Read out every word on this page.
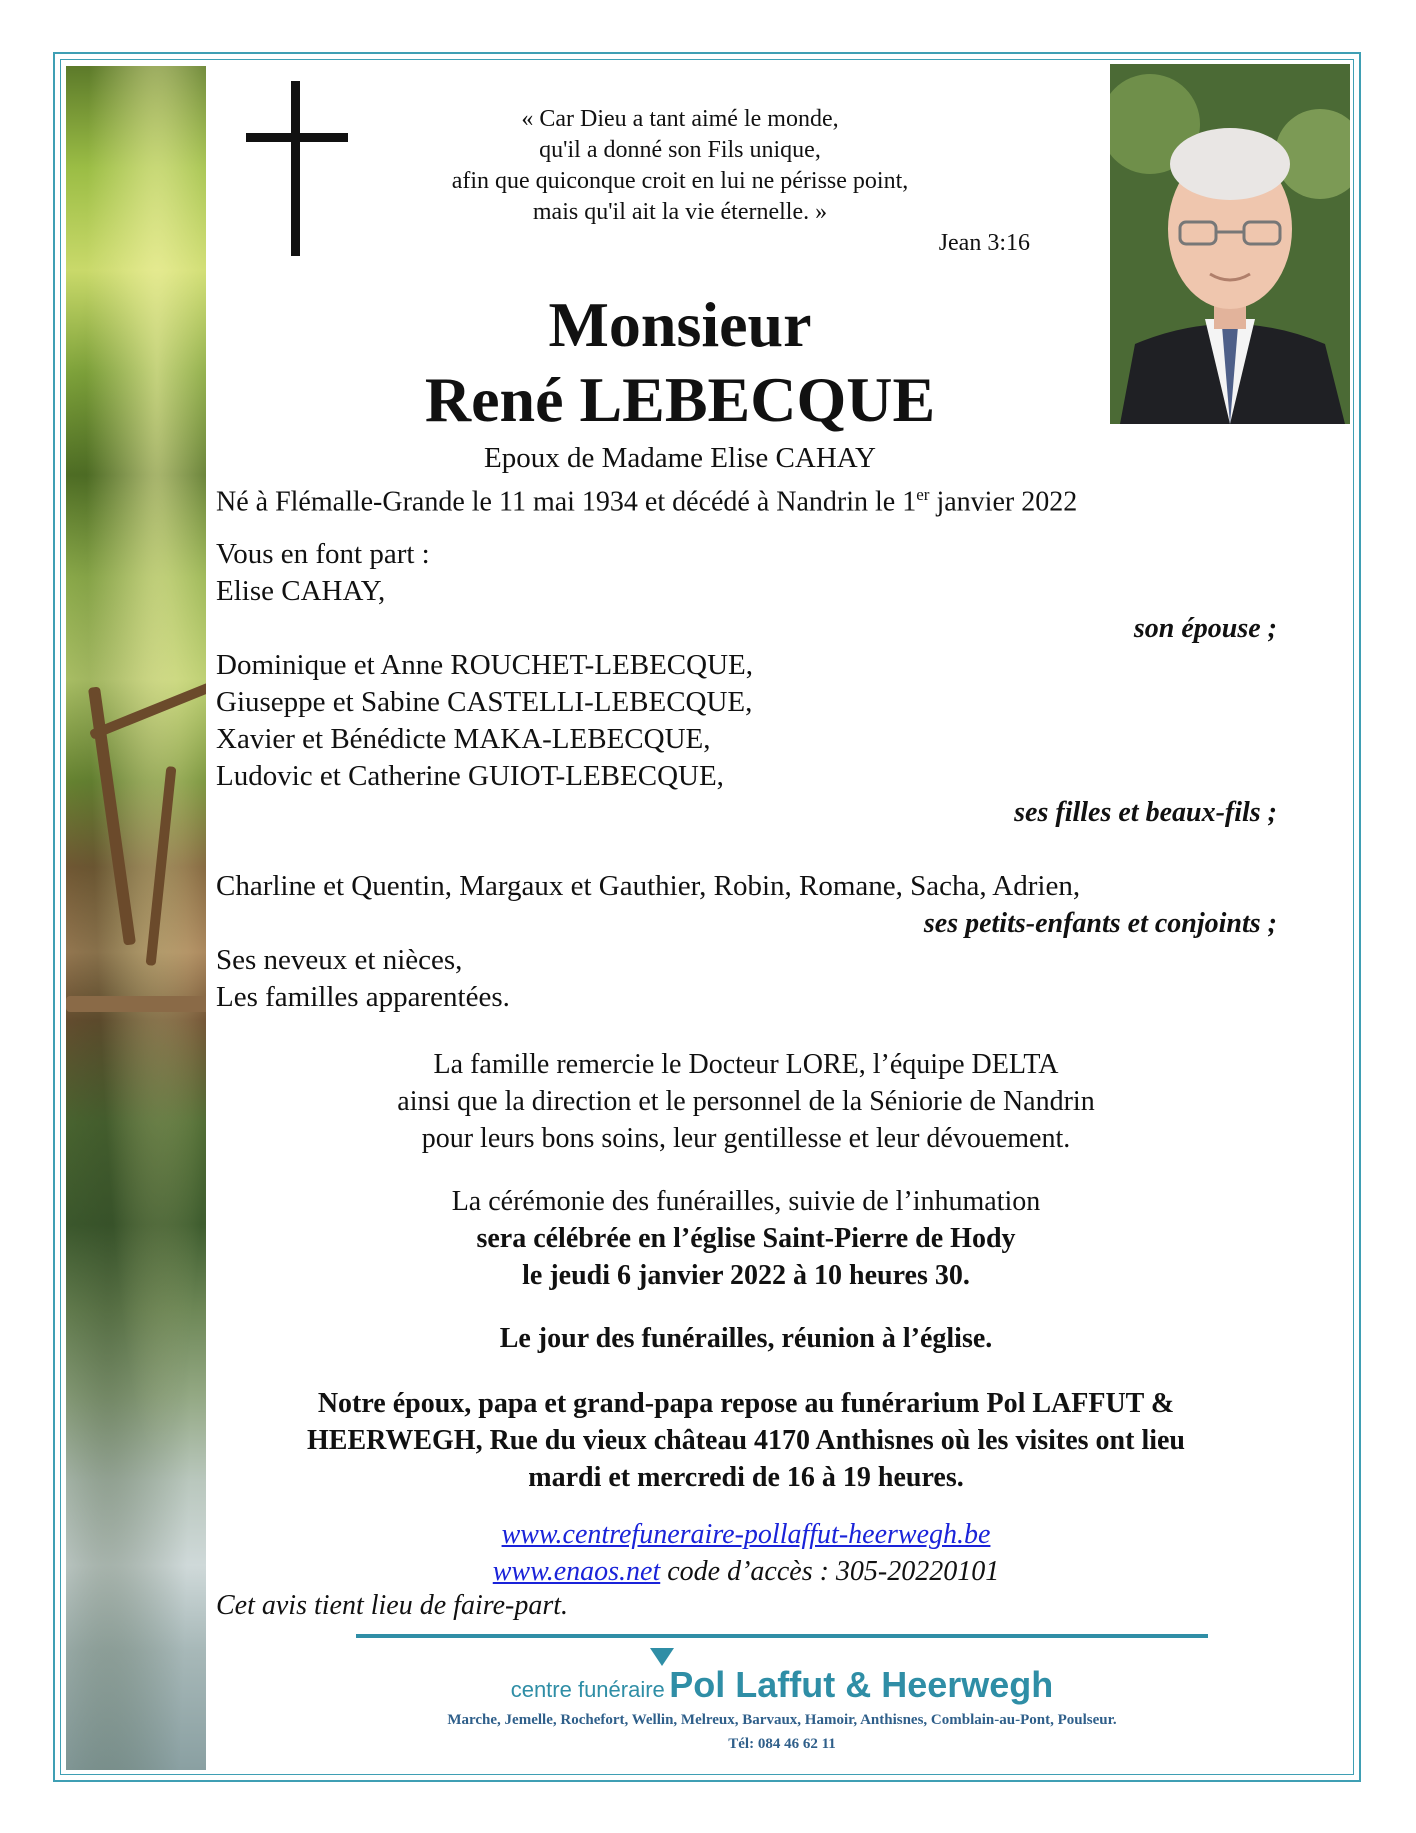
« Car Dieu a tant aimé le monde,
qu'il a donné son Fils unique,
afin que quiconque croit en lui ne périsse point,
mais qu'il ait la vie éternelle. »
Jean 3:16
Monsieur
René LEBECQUE
Epoux de Madame Elise CAHAY
Né à Flémalle-Grande le 11 mai 1934 et décédé à Nandrin le 1er janvier 2022
Vous en font part :
Elise CAHAY,
son épouse ;
Dominique et Anne ROUCHET-LEBECQUE,
Giuseppe et Sabine CASTELLI-LEBECQUE,
Xavier et Bénédicte MAKA-LEBECQUE,
Ludovic et Catherine GUIOT-LEBECQUE,
ses filles et beaux-fils ;
Charline et Quentin, Margaux et Gauthier, Robin, Romane, Sacha, Adrien,
ses petits-enfants et conjoints ;
Ses neveux et nièces,
Les familles apparentées.
La famille remercie le Docteur LORE, l’équipe DELTA
ainsi que la direction et le personnel de la Séniorie de Nandrin
pour leurs bons soins, leur gentillesse et leur dévouement.
La cérémonie des funérailles, suivie de l’inhumation
sera célébrée en l’église Saint-Pierre de Hody
le jeudi 6 janvier 2022 à 10 heures 30.
Le jour des funérailles, réunion à l’église.
Notre époux, papa et grand-papa repose au funérarium Pol LAFFUT &
HEERWEGH, Rue du vieux château 4170 Anthisnes où les visites ont lieu
mardi et mercredi de 16 à 19 heures.
www.centrefuneraire-pollaffut-heerwegh.be
www.enaos.net code d’accès : 305-20220101
Cet avis tient lieu de faire-part.
centre funéraire Pol Laffut & Heerwegh
Marche, Jemelle, Rochefort, Wellin, Melreux, Barvaux, Hamoir, Anthisnes, Comblain-au-Pont, Poulseur.
Tél: 084 46 62 11
